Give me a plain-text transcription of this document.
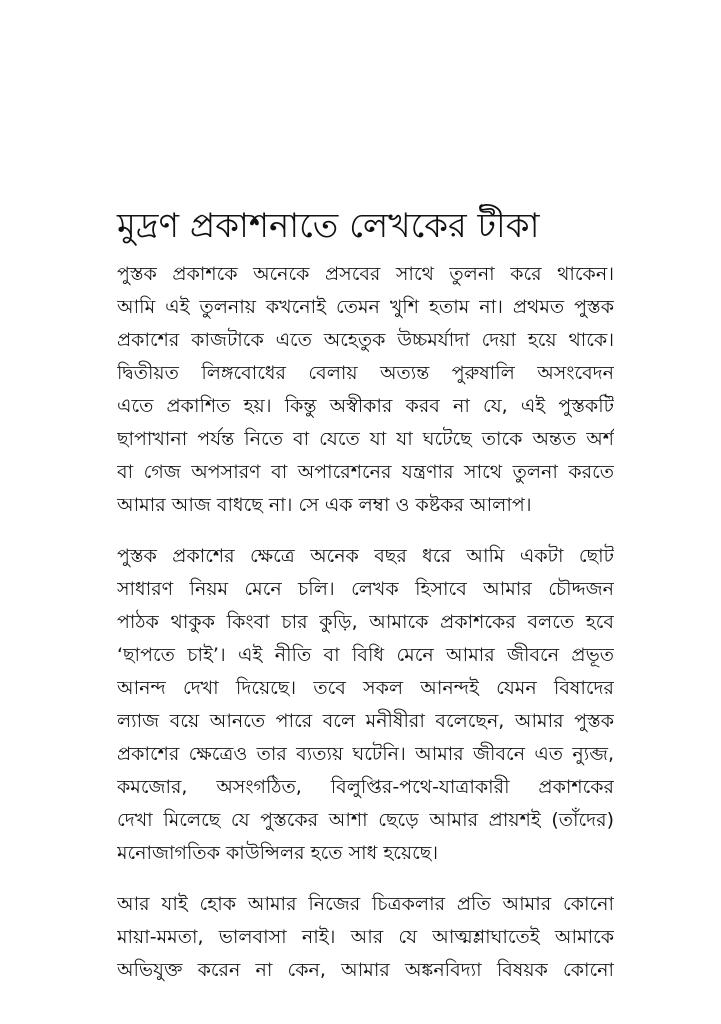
মুদ্রণ প্রকাশনাতে লেখকের টীকা

পুস্তক প্রকাশকে অনেকে প্রসবের সাথে তুলনা করে থাকেন।
আমি এই তুলনায় কখনোই তেমন খুশি হতাম না। প্রথমত পুস্তক
প্রকাশের কাজটাকে এতে অহেতুক উচ্চমর্যাদা দেয়া হয়ে থাকে।
দ্বিতীয়ত লিঙ্গবোধের বেলায় অত্যন্ত পুরুষালি অসংবেদন
এতে প্রকাশিত হয়। কিন্তু অস্বীকার করব না যে, এই পুস্তকটি
ছাপাখানা পর্যন্ত নিতে বা যেতে যা যা ঘটেছে তাকে অন্তত অর্শ
বা গেজ অপসারণ বা অপারেশনের যন্ত্রণার সাথে তুলনা করতে
আমার আজ বাধছে না। সে এক লম্বা ও কষ্টকর আলাপ।

পুস্তক প্রকাশের ক্ষেত্রে অনেক বছর ধরে আমি একটা ছোট
সাধারণ নিয়ম মেনে চলি। লেখক হিসাবে আমার চৌদ্দজন
পাঠক থাকুক কিংবা চার কুড়ি, আমাকে প্রকাশকের বলতে হবে
‘ছাপতে চাই’। এই নীতি বা বিধি মেনে আমার জীবনে প্রভূত
আনন্দ দেখা দিয়েছে। তবে সকল আনন্দই যেমন বিষাদের
ল্যাজ বয়ে আনতে পারে বলে মনীষীরা বলেছেন, আমার পুস্তক
প্রকাশের ক্ষেত্রেও তার ব্যত্যয় ঘটেনি। আমার জীবনে এত ন্যুব্জ,
কমজোর, অসংগঠিত, বিলুপ্তির-পথে-যাত্রাকারী প্রকাশকের
দেখা মিলেছে যে পুস্তকের আশা ছেড়ে আমার প্রায়শই (তাঁদের)
মনোজাগতিক কাউন্সিলর হতে সাধ হয়েছে।

আর যাই হোক আমার নিজের চিত্রকলার প্রতি আমার কোনো
মায়া-মমতা, ভালবাসা নাই। আর যে আত্মশ্লাঘাতেই আমাকে
অভিযুক্ত করেন না কেন, আমার অঙ্কনবিদ্যা বিষয়ক কোনো
